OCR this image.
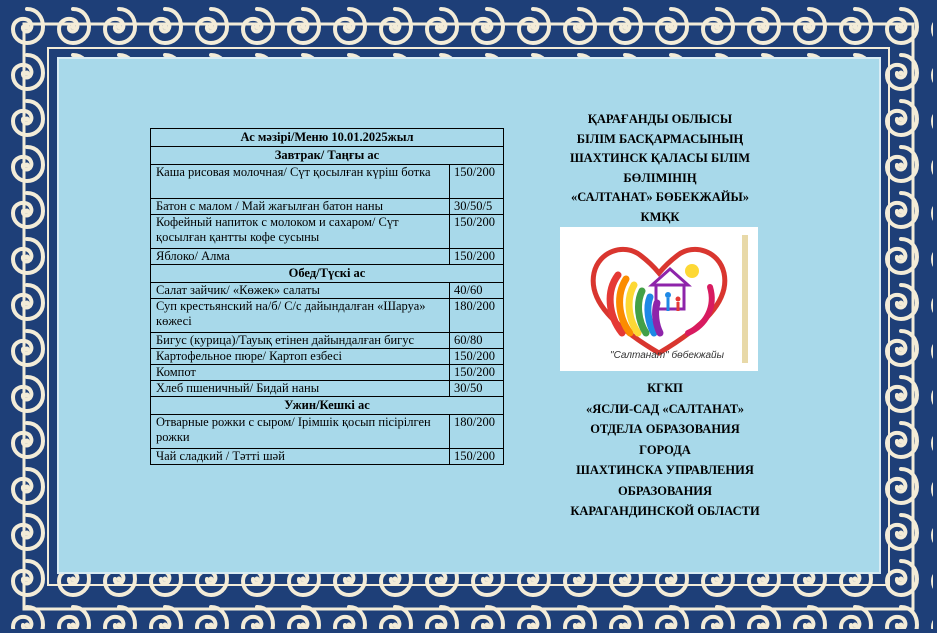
Ас мәзірі/Меню 10.01.2025жыл	
Завтрак/ Таңғы ас	
Каша рисовая молочная/ Сүт қосылған күріш ботка	150/200
Батон с малом / Май жағылған батон наны	30/50/5
Кофейный напиток с молоком и сахаром/ Сүт қосылған қантты кофе сусыны	150/200
Яблоко/ Алма	150/200
Обед/Түскі ас	
Салат зайчик/ «Көжек» салаты	40/60
Суп крестьянский на/б/ С/с дайындалған «Шаруа» көжесі	180/200
Бигус (курица)/Тауық етінен дайындалған бигус	60/80
Картофельное пюре/ Картоп езбесі	150/200
Компот	150/200
Хлеб пшеничный/ Бидай наны	30/50
Ужин/Кешкі ас	
Отварные рожки с сыром/ Ірімшік қосып пісірілген рожки	180/200
Чай сладкий / Тәтті шәй	150/200
ҚАРАҒАНДЫ ОБЛЫСЫ
БІЛІМ БАСҚАРМАСЫНЫҢ
ШАХТИНСК ҚАЛАСЫ БІЛІМ
БӨЛІМІНІҢ
«САЛТАНАТ» БӨБЕКЖАЙЫ»
КМҚК
"Салтанат" бөбекжайы
КГКП
«ЯСЛИ-САД «САЛТАНАТ»
ОТДЕЛА ОБРАЗОВАНИЯ
ГОРОДА
ШАХТИНСКА УПРАВЛЕНИЯ
ОБРАЗОВАНИЯ
КАРАГАНДИНСКОЙ ОБЛАСТИ
